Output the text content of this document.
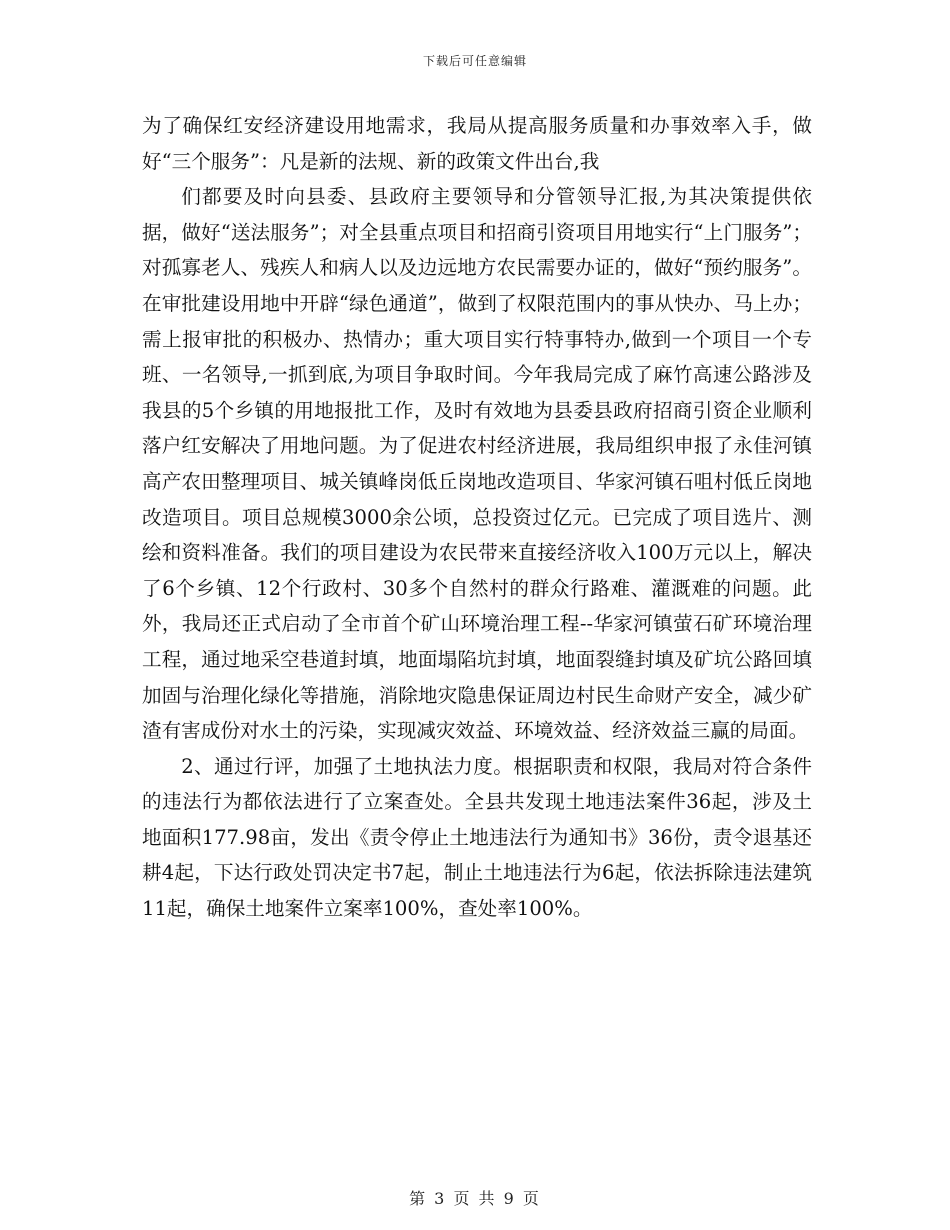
下载后可任意编辑

为了确保红安经济建设用地需求，我局从提高服务质量和办事效率入手，做好“三个服务”：凡是新的法规、新的政策文件出台,我

们都要及时向县委、县政府主要领导和分管领导汇报,为其决策提供依据，做好“送法服务”；对全县重点项目和招商引资项目用地实行“上门服务”；对孤寡老人、残疾人和病人以及边远地方农民需要办证的，做好“预约服务”。在审批建设用地中开辟“绿色通道”，做到了权限范围内的事从快办、马上办；需上报审批的积极办、热情办；重大项目实行特事特办,做到一个项目一个专班、一名领导,一抓到底,为项目争取时间。今年我局完成了麻竹高速公路涉及我县的5个乡镇的用地报批工作，及时有效地为县委县政府招商引资企业顺利落户红安解决了用地问题。为了促进农村经济进展，我局组织申报了永佳河镇高产农田整理项目、城关镇峰岗低丘岗地改造项目、华家河镇石咀村低丘岗地改造项目。项目总规模3000余公顷，总投资过亿元。已完成了项目选片、测绘和资料准备。我们的项目建设为农民带来直接经济收入100万元以上，解决了6个乡镇、12个行政村、30多个自然村的群众行路难、灌溉难的问题。此外，我局还正式启动了全市首个矿山环境治理工程--华家河镇萤石矿环境治理工程，通过地采空巷道封填，地面塌陷坑封填，地面裂缝封填及矿坑公路回填加固与治理化绿化等措施，消除地灾隐患保证周边村民生命财产安全，减少矿渣有害成份对水土的污染，实现减灾效益、环境效益、经济效益三赢的局面。

2、通过行评，加强了土地执法力度。根据职责和权限，我局对符合条件的违法行为都依法进行了立案查处。全县共发现土地违法案件36起，涉及土地面积177.98亩，发出《责令停止土地违法行为通知书》36份，责令退基还耕4起，下达行政处罚决定书7起，制止土地违法行为6起，依法拆除违法建筑11起，确保土地案件立案率100%，查处率100%。

第 3 页 共 9 页
